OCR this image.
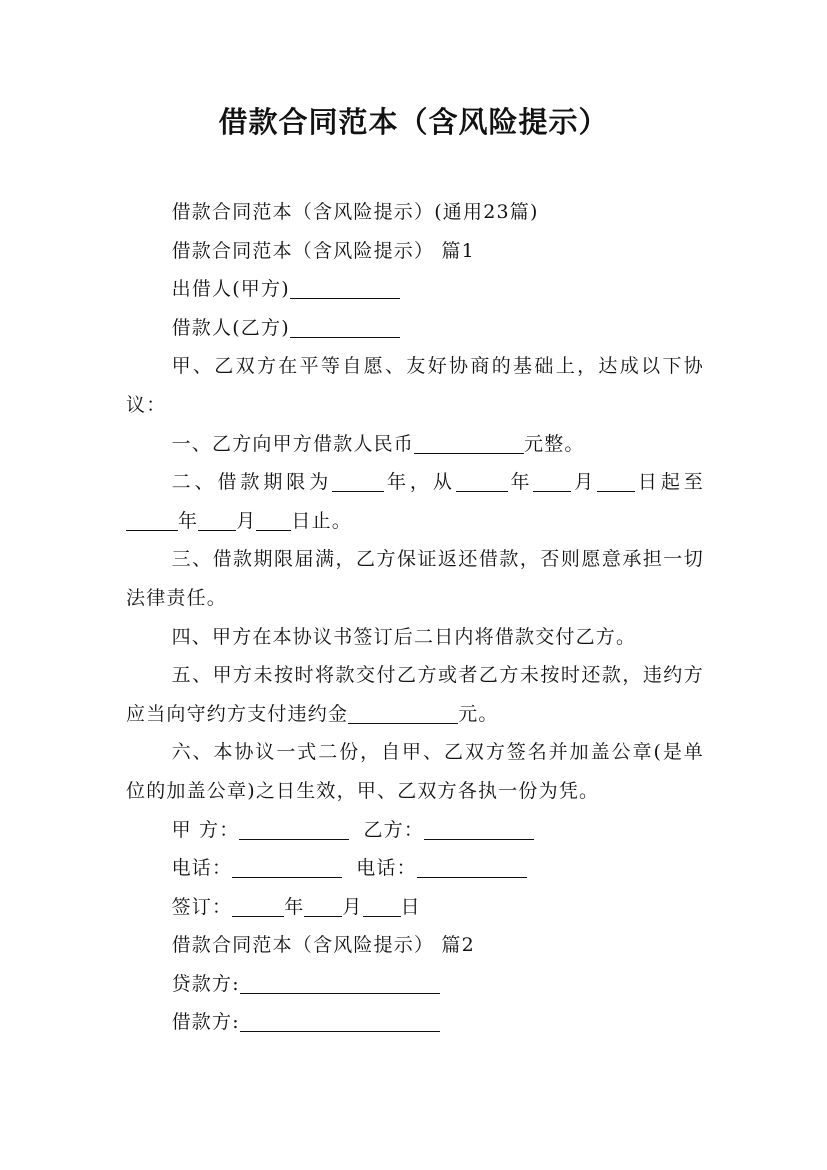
借款合同范本（含风险提示）

借款合同范本（含风险提示）(通用23篇)

借款合同范本（含风险提示） 篇1

出借人(甲方)

借款人(乙方)

甲、乙双方在平等自愿、友好协商的基础上，达成以下协议：

一、乙方向甲方借款人民币	元整。

二、借款期限为	年，从	年 月 日起至年 月 日止。

三、借款期限届满，乙方保证返还借款，否则愿意承担一切法律责任。

四、甲方在本协议书签订后二日内将借款交付乙方。

五、甲方未按时将款交付乙方或者乙方未按时还款，违约方应当向守约方支付违约金	元。

六、本协议一式二份，自甲、乙双方签名并加盖公章(是单位的加盖公章)之日生效，甲、乙双方各执一份为凭。

甲 方：	乙方：

电话：	电话：

签订：	年 月 日

借款合同范本（含风险提示） 篇2

贷款方:

借款方:
